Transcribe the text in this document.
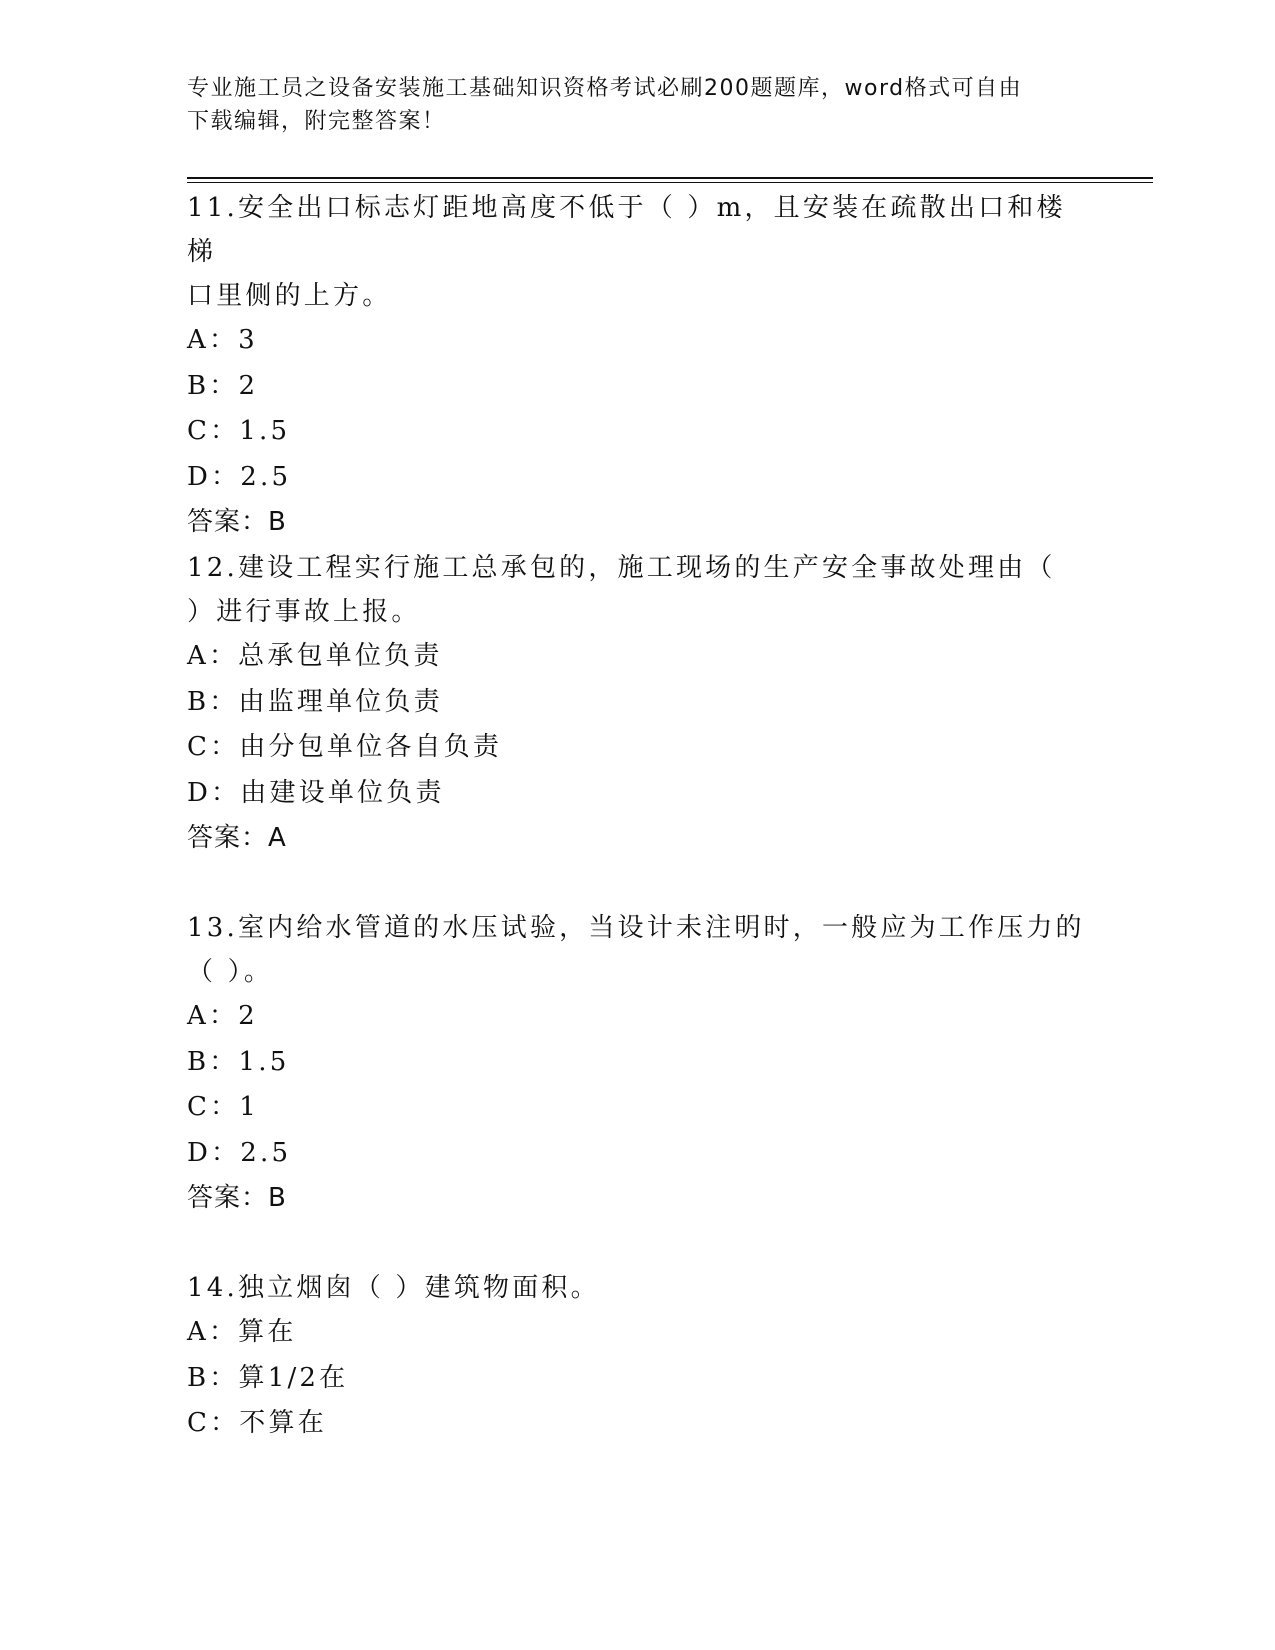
专业施工员之设备安装施工基础知识资格考试必刷200题题库，word格式可自由
下载编辑，附完整答案！

11.安全出口标志灯距地高度不低于（ ）m，且安装在疏散出口和楼梯

口里侧的上方。

A：3

B：2

C：1.5

D：2.5

答案：B

12.建设工程实行施工总承包的，施工现场的生产安全事故处理由（

）进行事故上报。

A：总承包单位负责

B：由监理单位负责

C：由分包单位各自负责

D：由建设单位负责

答案：A

13.室内给水管道的水压试验，当设计未注明时，一般应为工作压力的

（ ）。

A：2

B：1.5

C：1

D：2.5

答案：B

14.独立烟囱（ ）建筑物面积。

A：算在

B：算1/2在

C：不算在
